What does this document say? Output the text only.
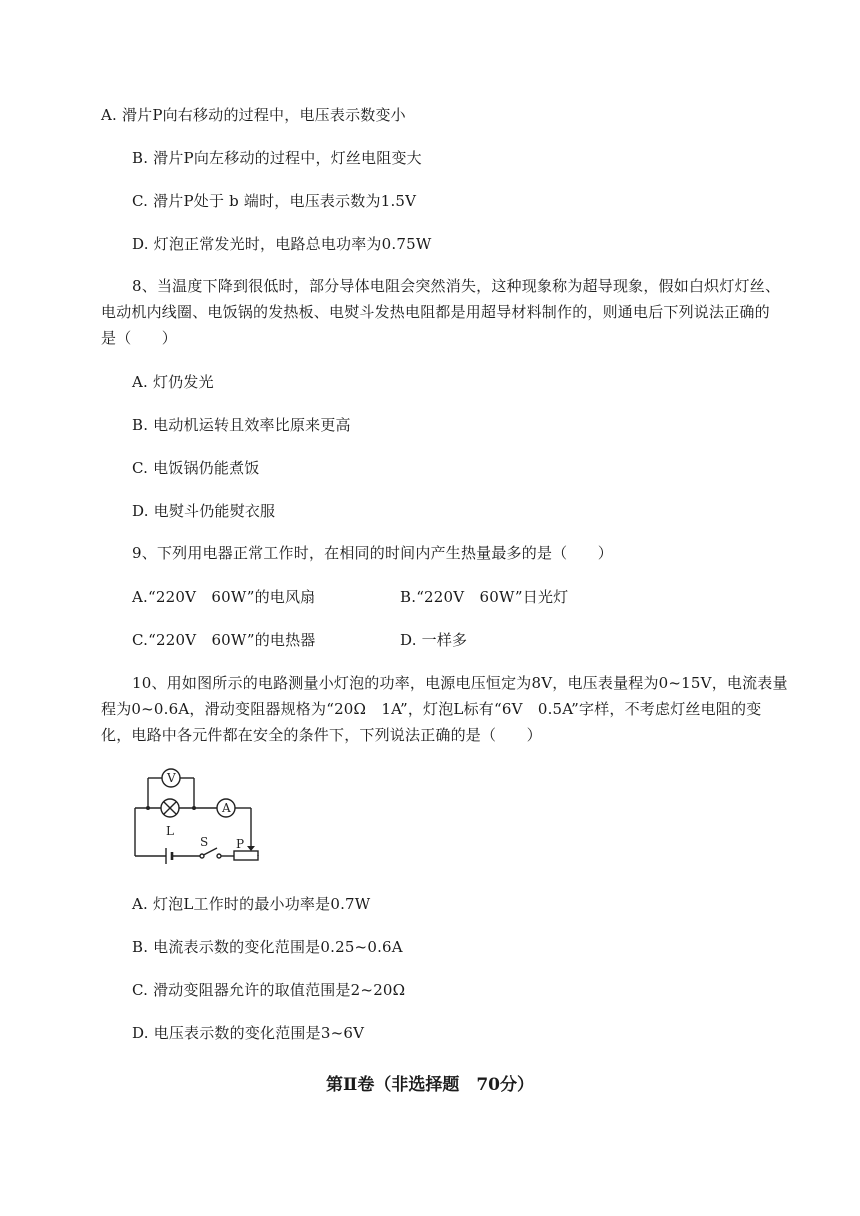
A. 滑片P向右移动的过程中，电压表示数变小
B. 滑片P向左移动的过程中，灯丝电阻变大
C. 滑片P处于 b 端时，电压表示数为1.5V
D. 灯泡正常发光时，电路总电功率为0.75W
8、当温度下降到很低时，部分导体电阻会突然消失，这种现象称为超导现象，假如白炽灯灯丝、
电动机内线圈、电饭锅的发热板、电熨斗发热电阻都是用超导材料制作的，则通电后下列说法正确的
是（　　）
A. 灯仍发光
B. 电动机运转且效率比原来更高
C. 电饭锅仍能煮饭
D. 电熨斗仍能熨衣服
9、下列用电器正常工作时，在相同的时间内产生热量最多的是（　　）
A.“220V　60W”的电风扇	B.“220V　60W”日光灯
C.“220V　60W”的电热器	D. 一样多
10、用如图所示的电路测量小灯泡的功率，电源电压恒定为8V，电压表量程为0~15V，电流表量
程为0~0.6A，滑动变阻器规格为“20Ω　1A”，灯泡L标有“6V　0.5A”字样，不考虑灯丝电阻的变
化，电路中各元件都在安全的条件下，下列说法正确的是（　　）
V
A
L
S P
A. 灯泡L工作时的最小功率是0.7W
B. 电流表示数的变化范围是0.25~0.6A
C. 滑动变阻器允许的取值范围是2~20Ω
D. 电压表示数的变化范围是3~6V
第Ⅱ卷（非选择题　70分）
